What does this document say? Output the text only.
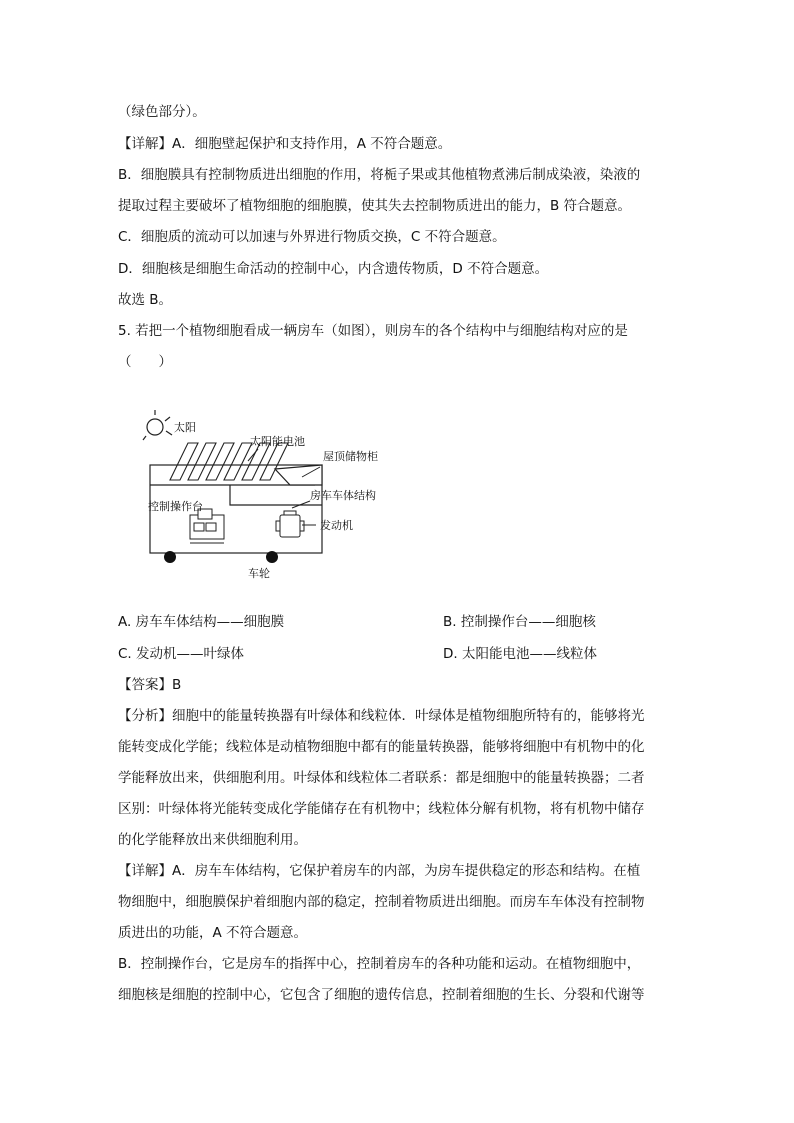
（绿色部分）。
【详解】A．细胞壁起保护和支持作用，A 不符合题意。
B．细胞膜具有控制物质进出细胞的作用，将栀子果或其他植物煮沸后制成染液，染液的
提取过程主要破坏了植物细胞的细胞膜，使其失去控制物质进出的能力，B 符合题意。
C．细胞质的流动可以加速与外界进行物质交换，C 不符合题意。
D．细胞核是细胞生命活动的控制中心，内含遗传物质，D 不符合题意。
故选 B。
5. 若把一个植物细胞看成一辆房车（如图），则房车的各个结构中与细胞结构对应的是
（　　）
太阳
太阳能电池
屋顶储物柜
房车车体结构
控制操作台
发动机
车轮
A. 房车车体结构——细胞膜	B. 控制操作台——细胞核
C. 发动机——叶绿体	D. 太阳能电池——线粒体
【答案】B
【分析】细胞中的能量转换器有叶绿体和线粒体．叶绿体是植物细胞所特有的，能够将光
能转变成化学能；线粒体是动植物细胞中都有的能量转换器，能够将细胞中有机物中的化
学能释放出来，供细胞利用。叶绿体和线粒体二者联系：都是细胞中的能量转换器；二者
区别：叶绿体将光能转变成化学能储存在有机物中；线粒体分解有机物，将有机物中储存
的化学能释放出来供细胞利用。
【详解】A．房车车体结构，它保护着房车的内部，为房车提供稳定的形态和结构。在植
物细胞中，细胞膜保护着细胞内部的稳定，控制着物质进出细胞。而房车车体没有控制物
质进出的功能，A 不符合题意。
B．控制操作台，它是房车的指挥中心，控制着房车的各种功能和运动。在植物细胞中，
细胞核是细胞的控制中心，它包含了细胞的遗传信息，控制着细胞的生长、分裂和代谢等
